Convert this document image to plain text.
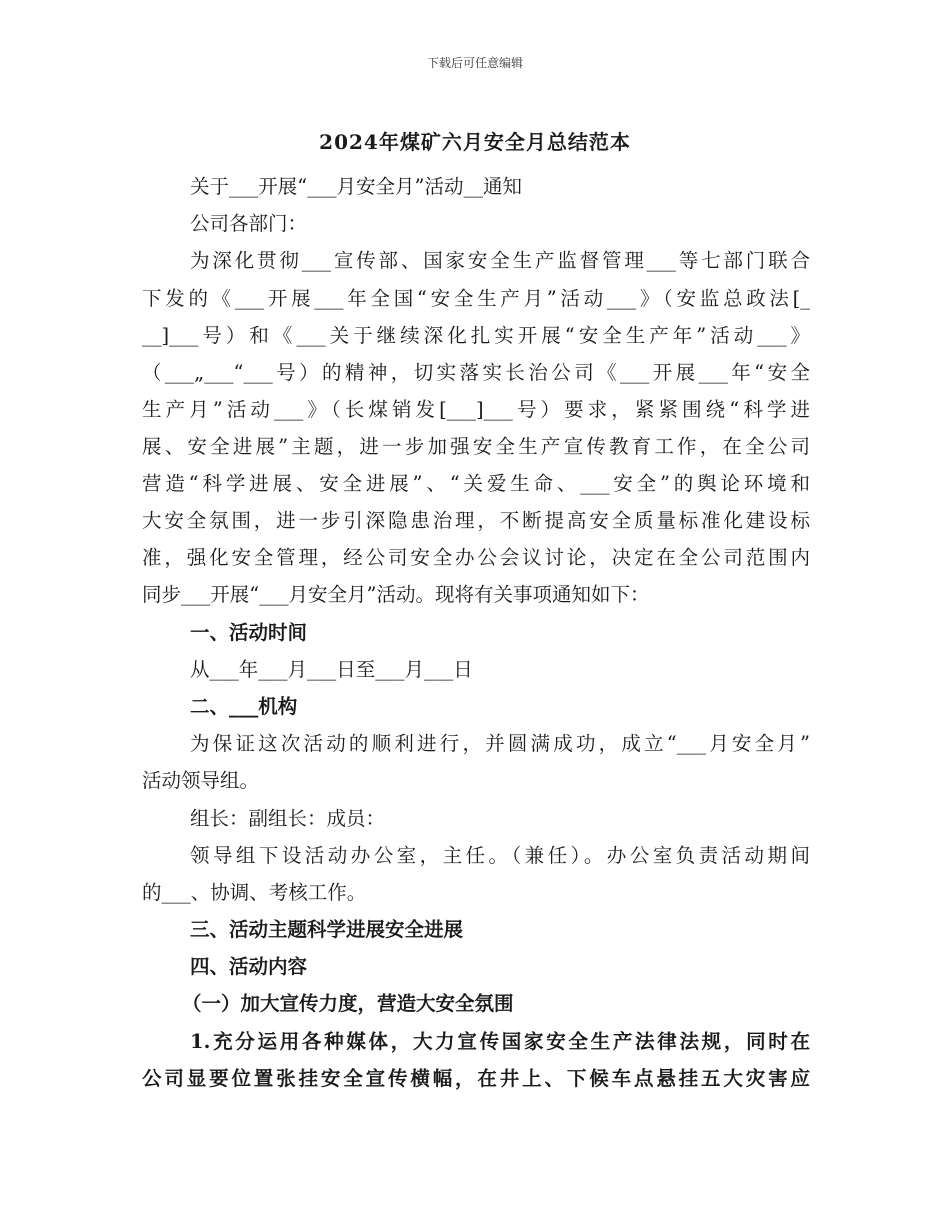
下载后可任意编辑
2024年煤矿六月安全月总结范本
关于___开展“___月安全月”活动__通知
公司各部门：
为深化贯彻___宣传部、国家安全生产监督管理___等七部门联合
下发的《___开展___年全国“安全生产月”活动___》（安监总政法[_
__]___号）和《___关于继续深化扎实开展“安全生产年”活动___》
（___„___“___号）的精神，切实落实长治公司《___开展___年“安全
生产月”活动___》（长煤销发[___]___号）要求，紧紧围绕“科学进
展、安全进展”主题，进一步加强安全生产宣传教育工作，在全公司
营造“科学进展、安全进展”、“关爱生命、___安全”的舆论环境和
大安全氛围，进一步引深隐患治理，不断提高安全质量标准化建设标
准，强化安全管理，经公司安全办公会议讨论，决定在全公司范围内
同步___开展“___月安全月”活动。现将有关事项通知如下：
一、活动时间
从___年___月___日至___月___日
二、___机构
为保证这次活动的顺利进行，并圆满成功，成立“___月安全月”
活动领导组。
组长：副组长：成员：
领导组下设活动办公室，主任。（兼任）。办公室负责活动期间
的___、协调、考核工作。
三、活动主题科学进展安全进展
四、活动内容
（一）加大宣传力度，营造大安全氛围
1.充分运用各种媒体，大力宣传国家安全生产法律法规，同时在
公司显要位置张挂安全宣传横幅，在井上、下候车点悬挂五大灾害应
